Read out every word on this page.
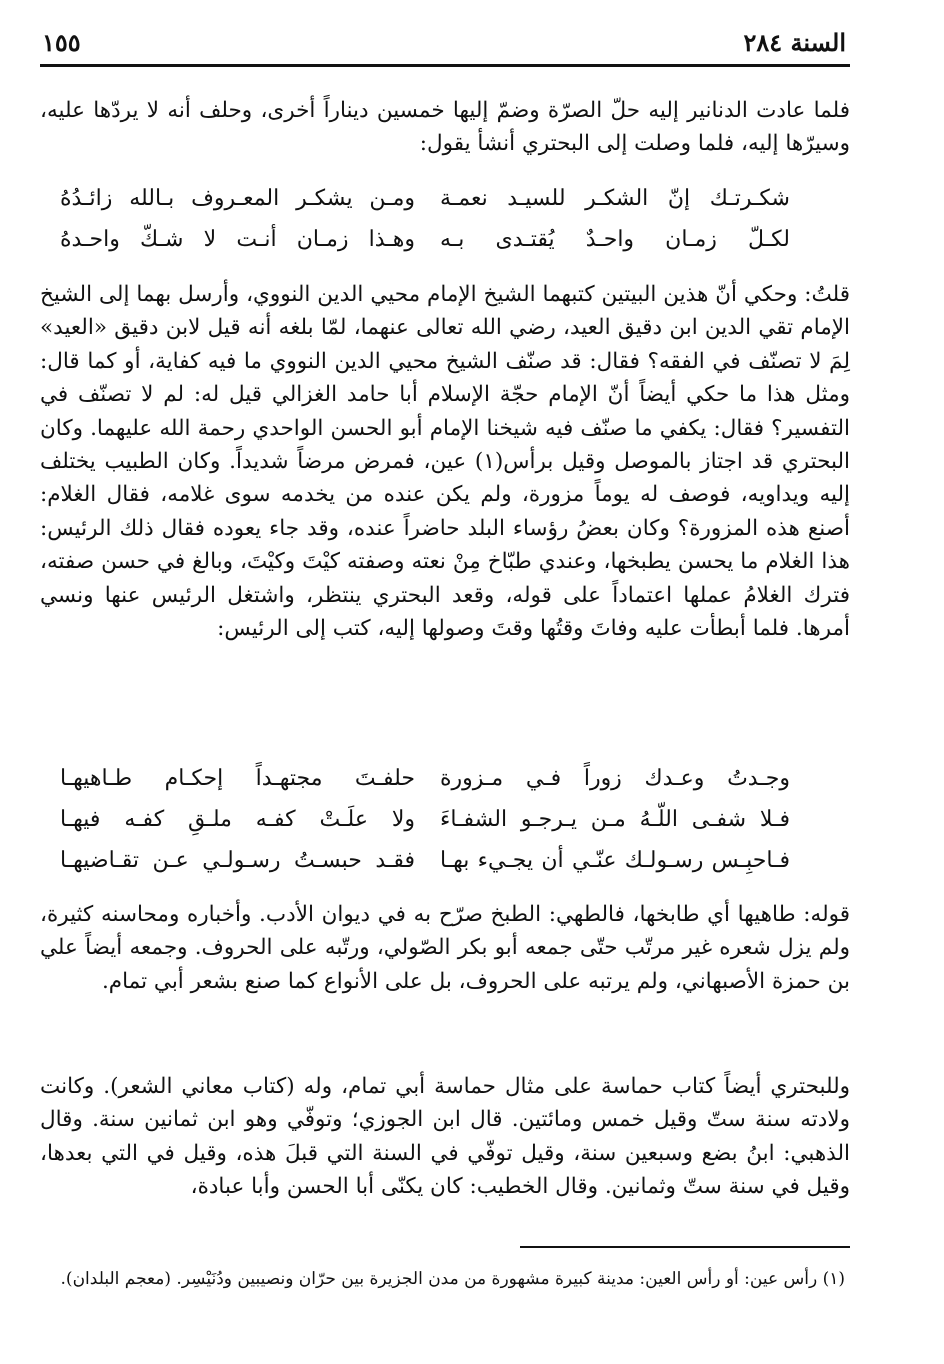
السنة ٢٨٤
١٥٥

فلما عادت الدنانير إليه حلّ الصرّة وضمّ إليها خمسين ديناراً أخرى، وحلف أنه لا يردّها عليه، وسيرّها إليه، فلما وصلت إلى البحتري أنشأ يقول:

شكـرتـك إنّ الشكـر للسيـد نعمـة
ومـن يشكـر المعـروف بـالله زائـدُهُ
لكـلّ زمـان واحـدٌ يُقتـدى بـه
وهـذا زمـان أنـت لا شـكّ واحـدهُ

قلتُ: وحكي أنّ هذين البيتين كتبهما الشيخ الإمام محيي الدين النووي، وأرسل بهما إلى الشيخ الإمام تقي الدين ابن دقيق العيد، رضي الله تعالى عنهما، لمّا بلغه أنه قيل لابن دقيق «العيد» لِمَ لا تصنّف في الفقه؟ فقال: قد صنّف الشيخ محيي الدين النووي ما فيه كفاية، أو كما قال: ومثل هذا ما حكي أيضاً أنّ الإمام حجّة الإسلام أبا حامد الغزالي قيل له: لم لا تصنّف في التفسير؟ فقال: يكفي ما صنّف فيه شيخنا الإمام أبو الحسن الواحدي رحمة الله عليهما. وكان البحتري قد اجتاز بالموصل وقيل برأس(١) عين، فمرض مرضاً شديداً. وكان الطبيب يختلف إليه ويداويه، فوصف له يوماً مزورة، ولم يكن عنده من يخدمه سوى غلامه، فقال الغلام: أصنع هذه المزورة؟ وكان بعضُ رؤساء البلد حاضراً عنده، وقد جاء يعوده فقال ذلك الرئيس: هذا الغلام ما يحسن يطبخها، وعندي طبّاخ مِنْ نعته وصفته كيْتَ وكيْتَ، وبالغ في حسن صفته، فترك الغلامُ عملها اعتماداً على قوله، وقعد البحتري ينتظر، واشتغل الرئيس عنها ونسي أمرها. فلما أبطأت عليه وفاتَ وقتُها وقتَ وصولها إليه، كتب إلى الرئيس:

وجـدتُ وعـدك زوراً فـي مـزورة
حلفـتَ مجتهـداً إحكـام طـاهيهـا
فـلا شفـى اللّـهُ مـن يـرجـو الشفـاءَ
ولا علَـتْ كفـه ملـقِ كفـه فيهـا
فـاحبِـس رسـولـك عنّـي أن يجـيء بهـا
فقـد حبسـتُ رسـولـي عـن تقـاضيهـا

قوله: طاهيها أي طابخها، فالطهي: الطبخ صرّح به في ديوان الأدب. وأخباره ومحاسنه كثيرة، ولم يزل شعره غير مرتّب حتّى جمعه أبو بكر الصّولي، ورتّبه على الحروف. وجمعه أيضاً علي بن حمزة الأصبهاني، ولم يرتبه على الحروف، بل على الأنواع كما صنع بشعر أبي تمام.

وللبحتري أيضاً كتاب حماسة على مثال حماسة أبي تمام، وله (كتاب معاني الشعر). وكانت ولادته سنة ستّ وقيل خمس ومائتين. قال ابن الجوزي؛ وتوفّي وهو ابن ثمانين سنة. وقال الذهبي: ابنُ بضع وسبعين سنة، وقيل توفّي في السنة التي قبلَ هذه، وقيل في التي بعدها، وقيل في سنة ستّ وثمانين. وقال الخطيب: كان يكنّى أبا الحسن وأبا عبادة،

(١) رأس عين: أو رأس العين: مدينة كبيرة مشهورة من مدن الجزيرة بين حرّان ونصيبين ودُنَيْسِر. (معجم البلدان).
